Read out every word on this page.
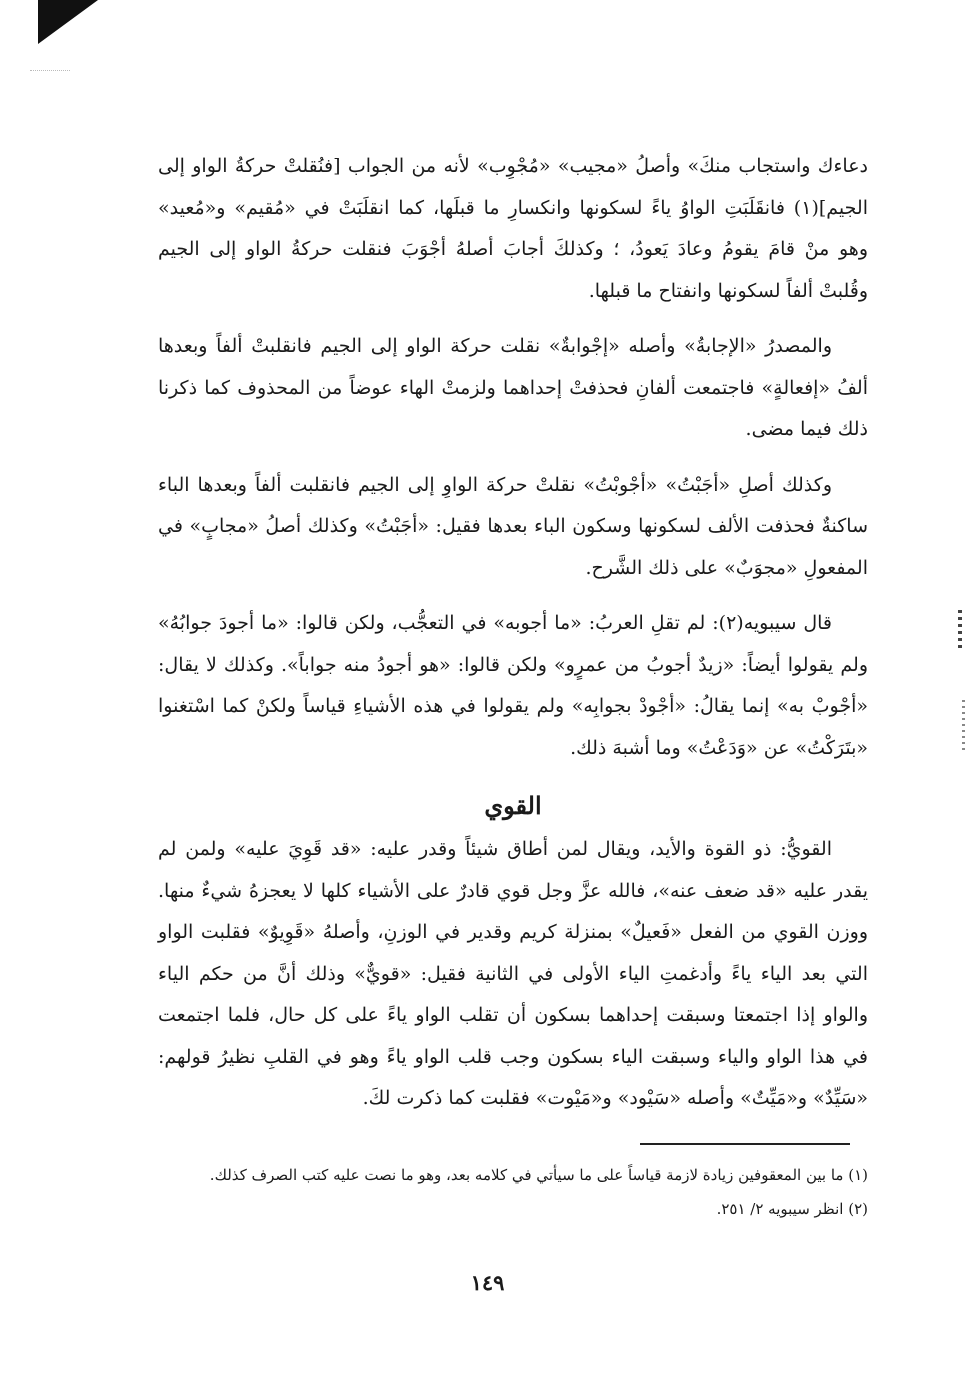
دعاءك واستجاب منكَ» وأصلُ «مجيب» «مُجْوِب» لأنه من الجواب [فنُقلتْ حركةُ الواو إلى الجيم](١) فانقَلَبَتِ الواوُ ياءً لسكونها وانكسارِ ما قبلَها، كما انقلَبَتْ في «مُقيم» و«مُعيد» وهو منْ قامَ يقومُ وعادَ يَعودُ، ؛ وكذلكَ أجابَ أصلهُ أجْوَبَ فنقلت حركةُ الواو إلى الجيم وقُلبتْ ألفاً لسكونها وانفتاح ما قبلها.

والمصدرُ «الإجابةُ» وأصله «إجْوابةٌ» نقلت حركة الواو إلى الجيم فانقلبتْ ألفاً وبعدها ألفُ «إفعالةٍ» فاجتمعت ألفانِ فحذفتْ إحداهما ولزمتْ الهاء عوضاً من المحذوف كما ذكرنا ذلك فيما مضى.

وكذلك أصلِ «أجَبْتُ» «أجْوبْتُ» نقلتْ حركة الواوِ إلى الجيم فانقلبت ألفاً وبعدها الباء ساكنةٌ فحذفت الألف لسكونها وسكون الباء بعدها فقيل: «أجَبْتُ» وكذلك أصلُ «مجابٍ» في المفعولِ «مجوَبٌ» على ذلك الشَّرح.

قال سيبويه(٢): لم تقلِ العربُ: «ما أجوبه» في التعجُّب، ولكن قالوا: «ما أجودَ جوابُهُ» ولم يقولوا أيضاً: «زيدٌ أجوبُ من عمرٍو» ولكن قالوا: «هو أجودُ منه جواباً». وكذلك لا يقال: «أجْوبْ به» إنما يقالُ: «أجْودْ بجوابِه» ولم يقولوا في هذه الأشياءِ قياساً ولكنْ كما اسْتغنوا «بتَرَكْتُ» عن «وَدَعْتُ» وما أشبهَ ذلك.

القوي

القويُّ: ذو القوة والأيد، ويقال لمن أطاق شيئاً وقدر عليه: «قد قَوِيَ عليه» ولمن لم يقدر عليه «قد ضعف عنه»، فالله عزَّ وجل قوي قادرٌ على الأشياء كلها لا يعجزهُ شيءٌ منها. ووزن القوي من الفعل «فَعيلٌ» بمنزلة كريم وقدير في الوزنِ، وأصلهُ «قَوِيوٌ» فقلبت الواو التي بعد الياء ياءً وأدغمتِ الياء الأولى في الثانية فقيل: «قويٌّ» وذلك أنَّ من حكم الياء والواو إذا اجتمعتا وسبقت إحداهما بسكون أن تقلب الواو ياءً على كل حال، فلما اجتمعت في هذا الواو والياء وسبقت الياء بسكون وجب قلب الواو ياءً وهو في القلبِ نظيرُ قولهم: «سَيِّدٌ» و«مَيِّتٌ» وأصله «سَيْود» و«مَيْوت» فقلبت كما ذكرت لكَ.

(١) ما بين المعقوفين زيادة لازمة قياساً على ما سيأتي في كلامه بعد، وهو ما نصت عليه كتب الصرف كذلك.

(٢) انظر سيبويه ٢/ ٢٥١.

١٤٩
